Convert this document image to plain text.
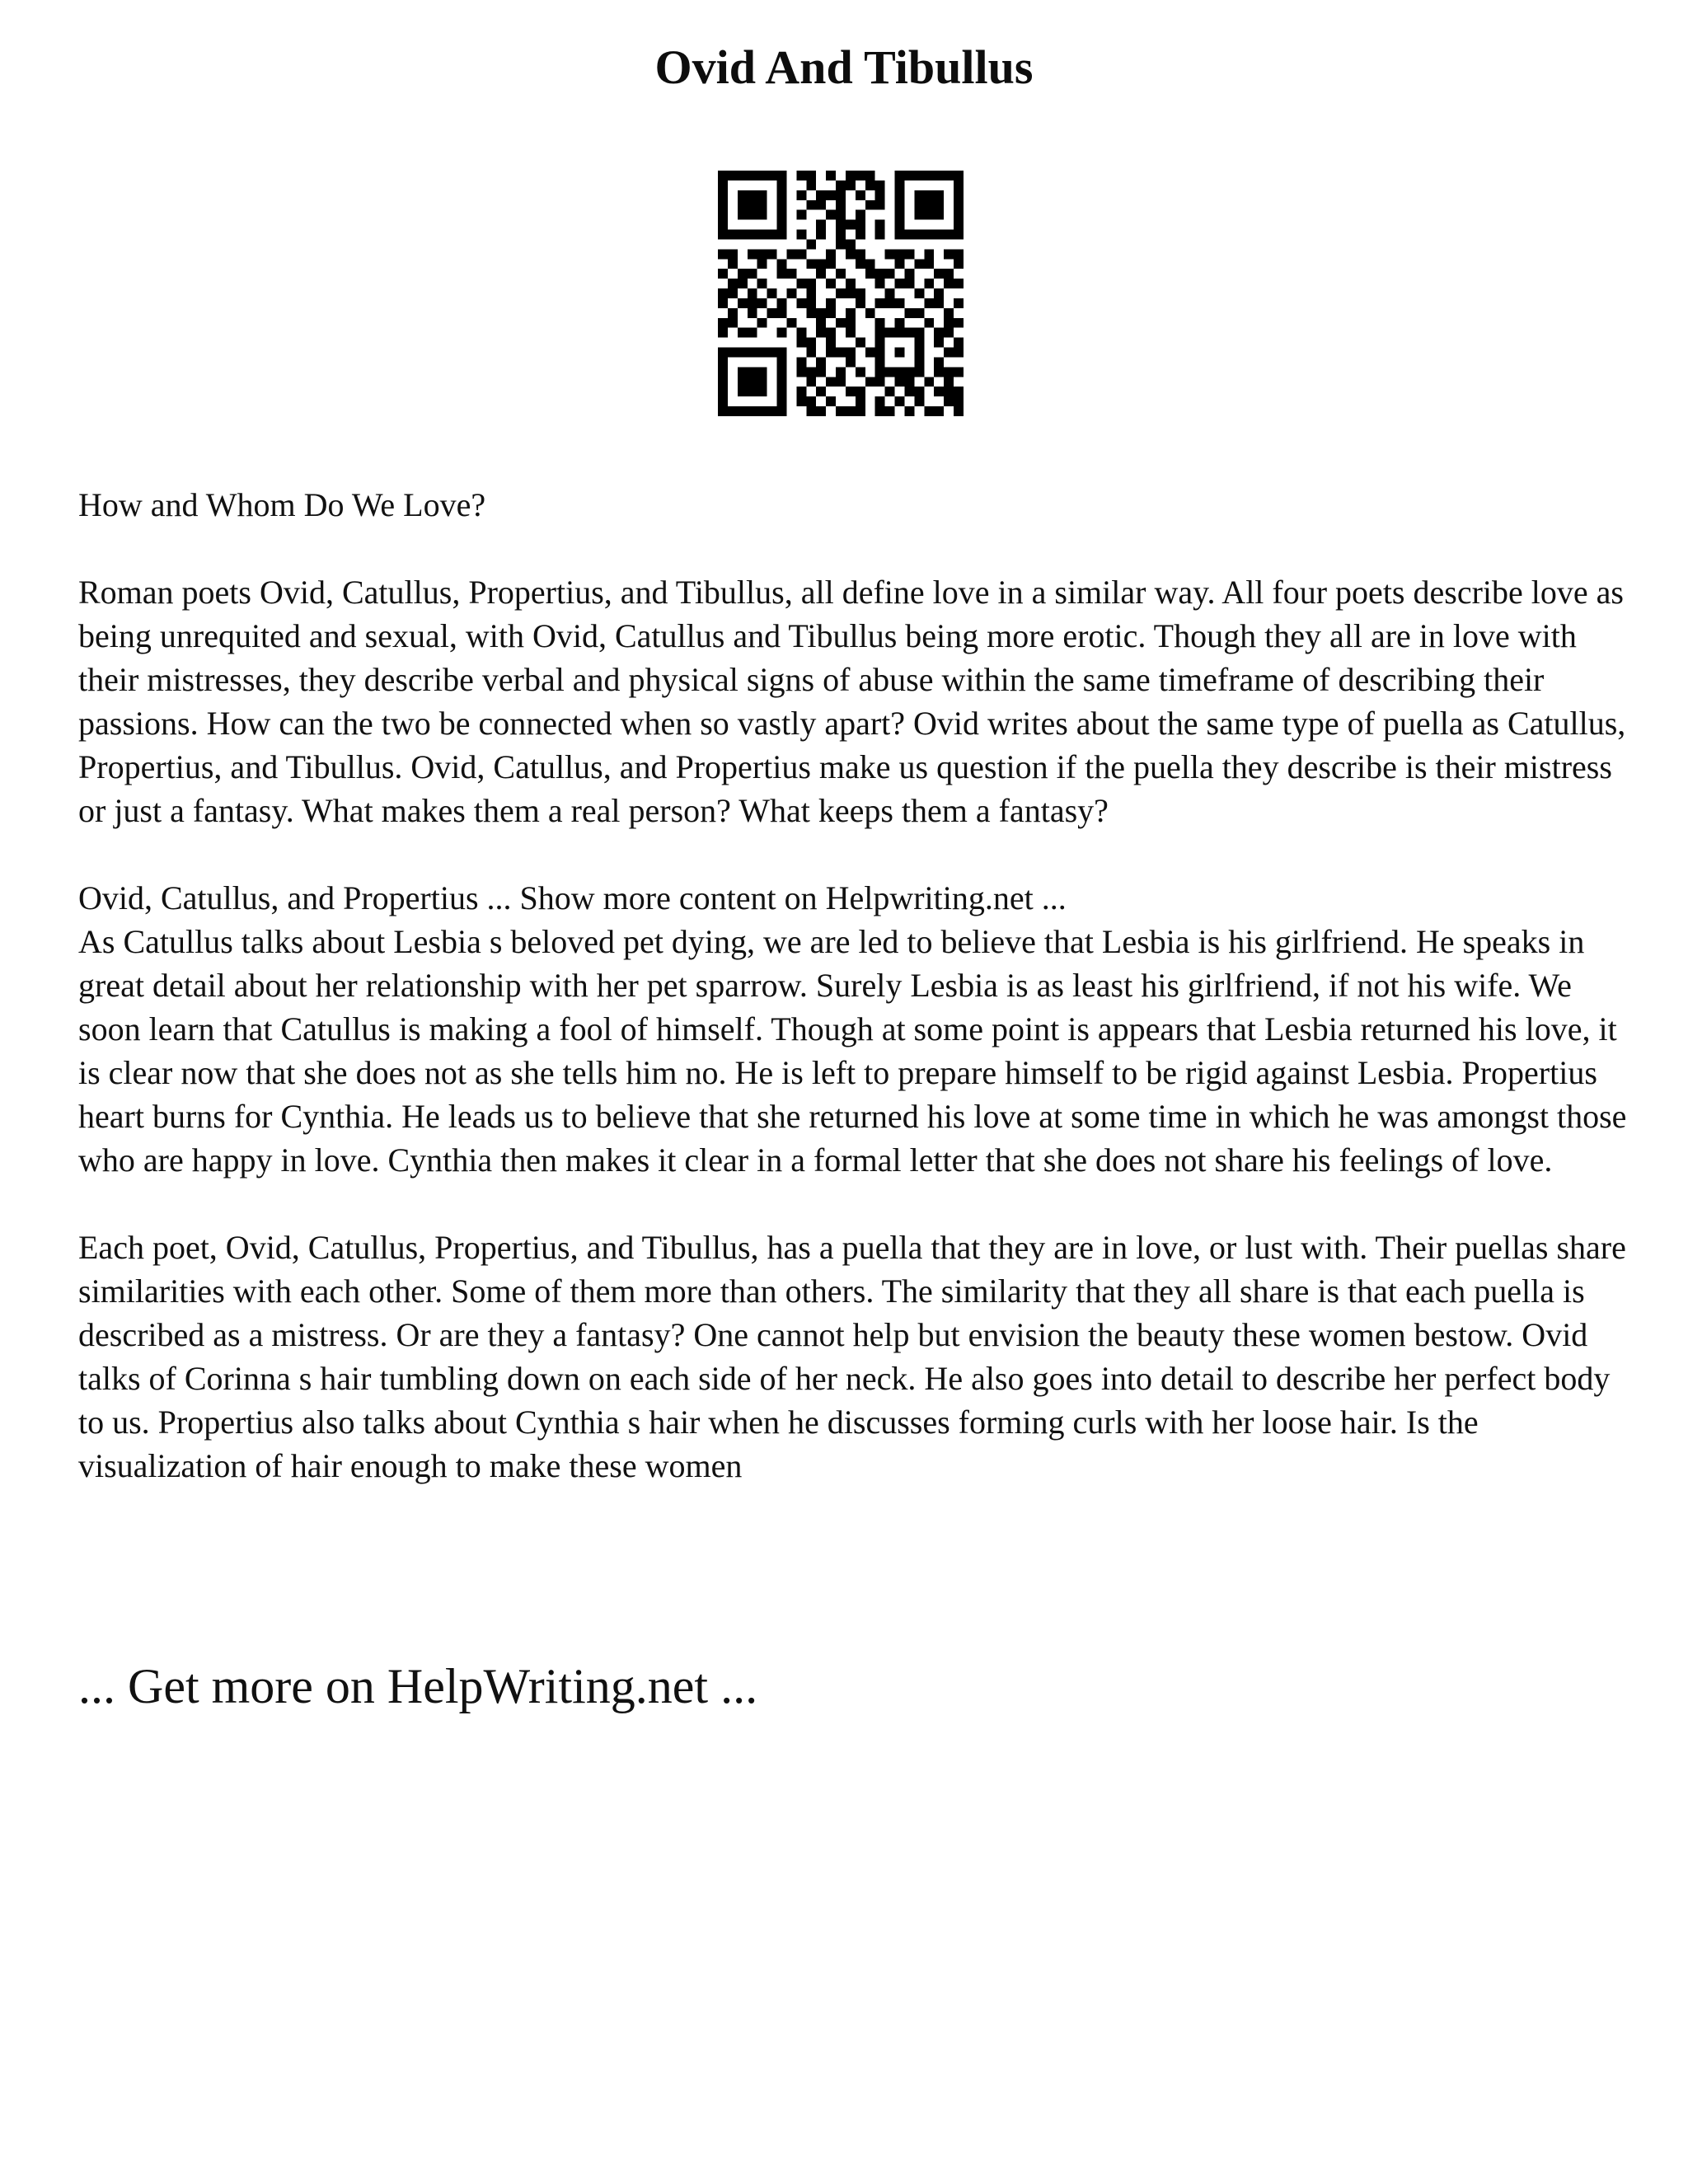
Ovid And Tibullus

How and Whom Do We Love?

Roman poets Ovid, Catullus, Propertius, and Tibullus, all define love in a similar way. All four poets describe love as being unrequited and sexual, with Ovid, Catullus and Tibullus being more erotic. Though they all are in love with their mistresses, they describe verbal and physical signs of abuse within the same timeframe of describing their passions. How can the two be connected when so vastly apart? Ovid writes about the same type of puella as Catullus, Propertius, and Tibullus. Ovid, Catullus, and Propertius make us question if the puella they describe is their mistress or just a fantasy. What makes them a real person? What keeps them a fantasy?

Ovid, Catullus, and Propertius ... Show more content on Helpwriting.net ...

As Catullus talks about Lesbia s beloved pet dying, we are led to believe that Lesbia is his girlfriend. He speaks in great detail about her relationship with her pet sparrow. Surely Lesbia is as least his girlfriend, if not his wife. We soon learn that Catullus is making a fool of himself. Though at some point is appears that Lesbia returned his love, it is clear now that she does not as she tells him no. He is left to prepare himself to be rigid against Lesbia. Propertius heart burns for Cynthia. He leads us to believe that she returned his love at some time in which he was amongst those who are happy in love. Cynthia then makes it clear in a formal letter that she does not share his feelings of love.

Each poet, Ovid, Catullus, Propertius, and Tibullus, has a puella that they are in love, or lust with. Their puellas share similarities with each other. Some of them more than others. The similarity that they all share is that each puella is described as a mistress. Or are they a fantasy? One cannot help but envision the beauty these women bestow. Ovid talks of Corinna s hair tumbling down on each side of her neck. He also goes into detail to describe her perfect body to us. Propertius also talks about Cynthia s hair when he discusses forming curls with her loose hair. Is the visualization of hair enough to make these women

... Get more on HelpWriting.net ...
